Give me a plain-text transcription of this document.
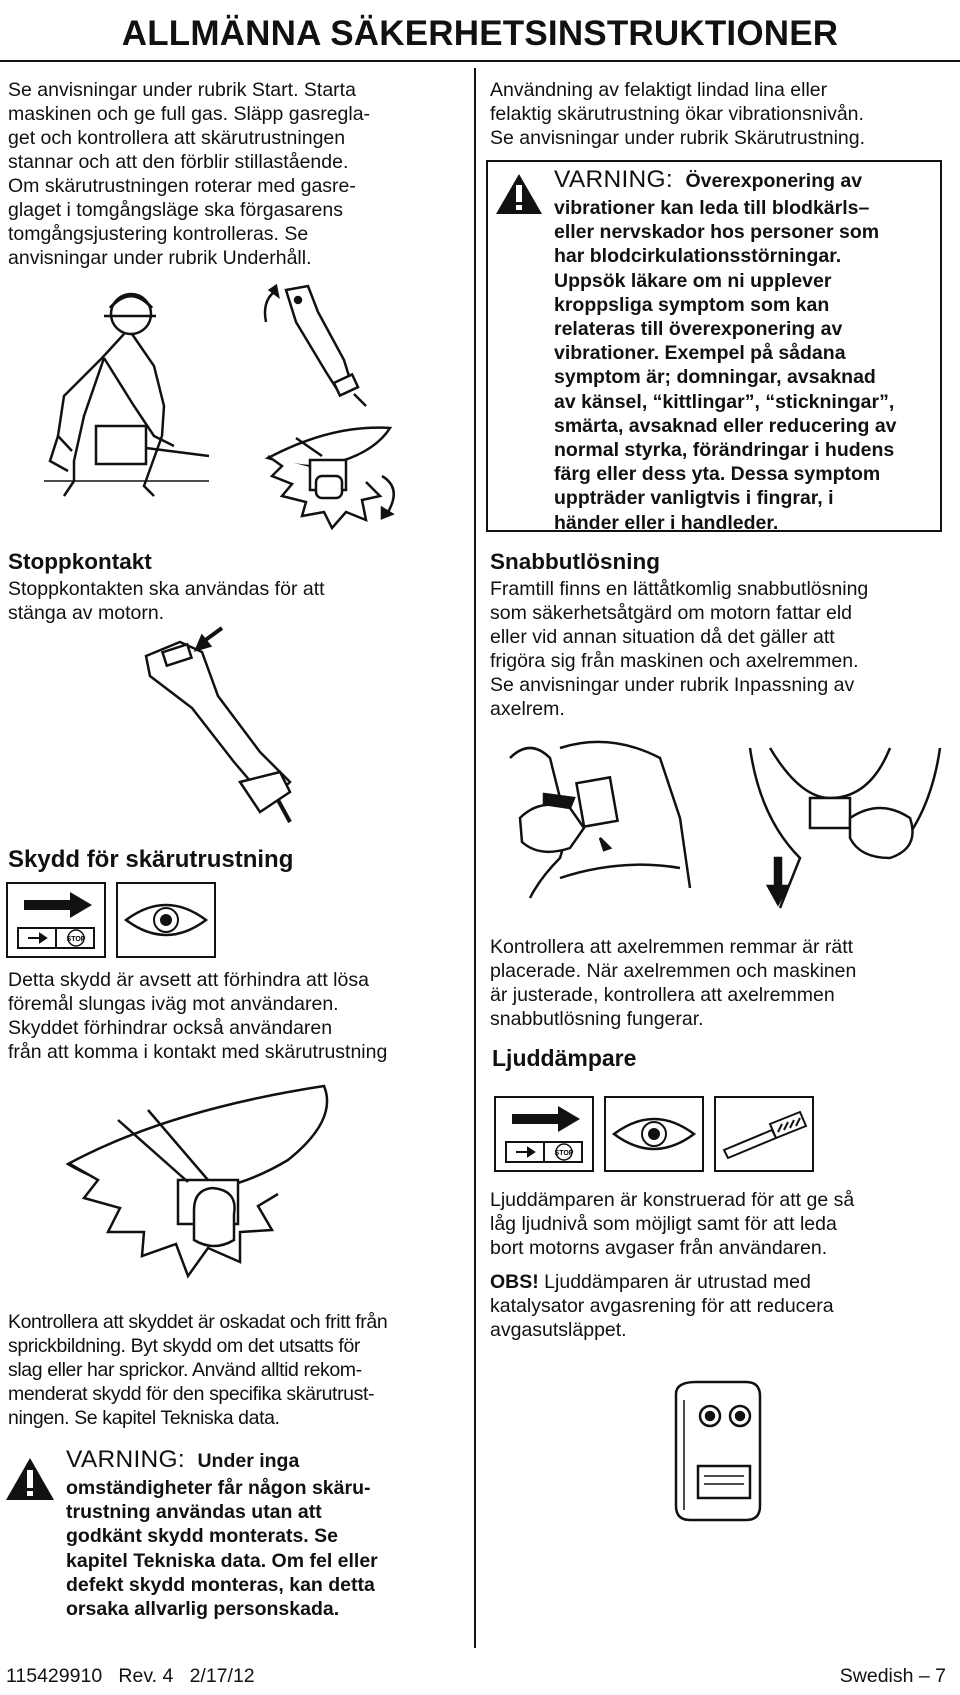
ALLMÄNNA SÄKERHETSINSTRUKTIONER
Se anvisningar under rubrik Start. Starta
maskinen och ge full gas. Släpp gasregla-
get och kontrollera att skärutrustningen
stannar och att den förblir stillastående.
Om skärutrustningen roterar med gasre-
glaget i tomgångsläge ska förgasarens
tomgångsjustering kontrolleras. Se
anvisningar under rubrik Underhåll.
Stoppkontakt
Stoppkontakten ska användas för att
stänga av motorn.
Skydd för skärutrustning
STOP
Detta skydd är avsett att förhindra att lösa
föremål slungas iväg mot användaren.
Skyddet förhindrar också användaren
från att komma i kontakt med skärutrustning
Kontrollera att skyddet är oskadat och fritt från
sprickbildning. Byt skydd om det utsatts för
slag eller har sprickor. Använd alltid rekom-
menderat skydd för den specifika skärutrust-
ningen. Se kapitel Tekniska data.
VARNING: Under inga
omständigheter får någon skäru-
trustning användas utan att
godkänt skydd monterats. Se
kapitel Tekniska data. Om fel eller
defekt skydd monteras, kan detta
orsaka allvarlig personskada.
Användning av felaktigt lindad lina eller
felaktig skärutrustning ökar vibrationsnivån.
Se anvisningar under rubrik Skärutrustning.
VARNING: Överexponering av
vibrationer kan leda till blodkärls–
eller nervskador hos personer som
har blodcirkulationsstörningar.
Uppsök läkare om ni upplever
kroppsliga symptom som kan
relateras till överexponering av
vibrationer. Exempel på sådana
symptom är; domningar, avsaknad
av känsel, “kittlingar”, “stickningar”,
smärta, avsaknad eller reducering av
normal styrka, förändringar i hudens
färg eller dess yta. Dessa symptom
uppträder vanligtvis i fingrar, i
händer eller i handleder.
Snabbutlösning
Framtill finns en lättåtkomlig snabbutlösning
som säkerhetsåtgärd om motorn fattar eld
eller vid annan situation då det gäller att
frigöra sig från maskinen och axelremmen.
Se anvisningar under rubrik Inpassning av
axelrem.
Kontrollera att axelremmen remmar är rätt
placerade. När axelremmen och maskinen
är justerade, kontrollera att axelremmen
snabbutlösning fungerar.
Ljuddämpare
STOP
Ljuddämparen är konstruerad för att ge så
låg ljudnivå som möjligt samt för att leda
bort motorns avgaser från användaren.
OBS! Ljuddämparen är utrustad med
katalysator avgasrening för att reducera
avgasutsläppet.
115429910   Rev. 4   2/17/12	Swedish – 7
